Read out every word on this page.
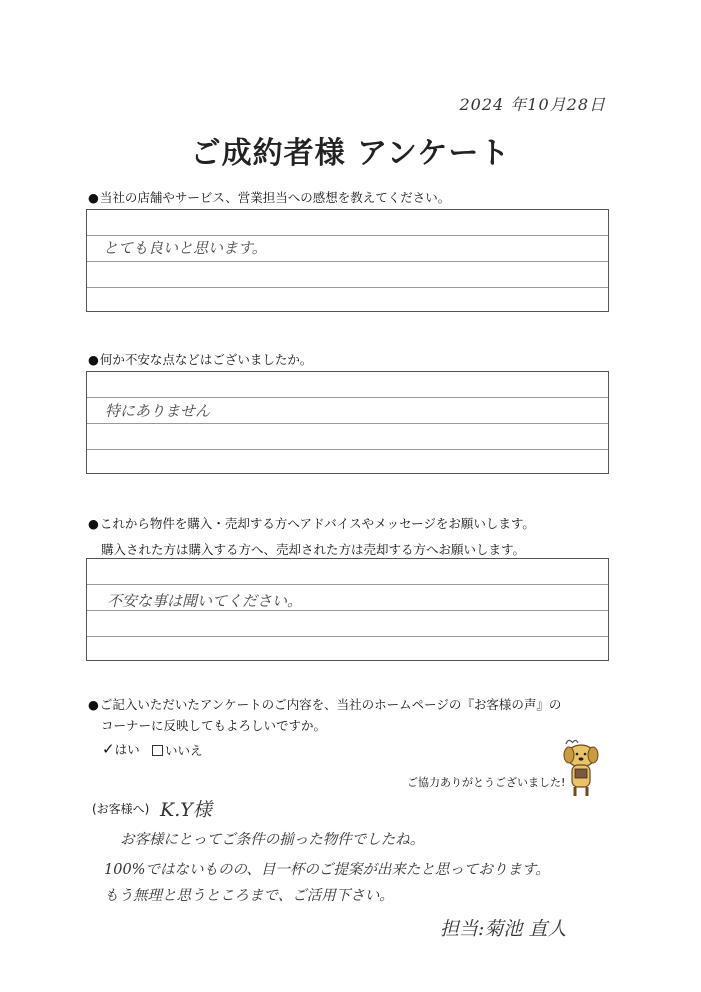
2024 年10月28日
ご成約者様 アンケート
●当社の店舗やサービス、営業担当への感想を教えてください。
とても良いと思います。
●何か不安な点などはございましたか。
特にありません
●これから物件を購入・売却する方へアドバイスやメッセージをお願いします。
購入された方は購入する方へ、売却された方は売却する方へお願いします。
不安な事は聞いてください。
●ご記入いただいたアンケートのご内容を、当社のホームページの『お客様の声』の
コーナーに反映してもよろしいですか。
✓はい	いいえ
ご協力ありがとうございました!
(お客様へ) K.Y様
お客様にとってご条件の揃った物件でしたね。
100%ではないものの、目一杯のご提案が出来たと思っております。
もう無理と思うところまで、ご活用下さい。
担当:菊池 直人
